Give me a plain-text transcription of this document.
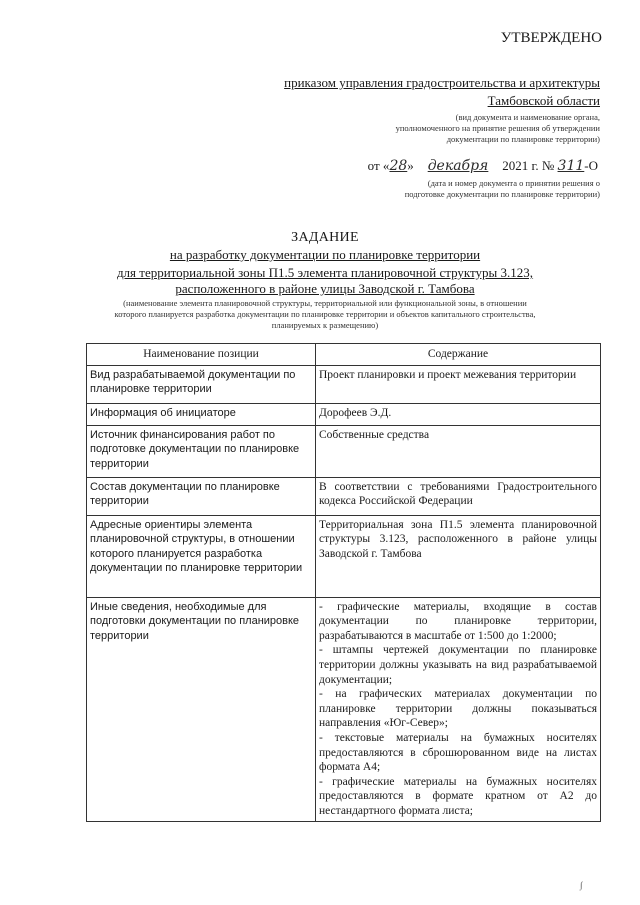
УТВЕРЖДЕНО
приказом управления градостроительства и архитектуры
Тамбовской области
(вид документа и наименование органа,
уполномоченного на принятие решения об утверждении
документации по планировке территории)
от «28» декабря 2021 г. № 311-О
(дата и номер документа о принятии решения о
подготовке документации по планировке территории)
ЗАДАНИЕ
на разработку документации по планировке территории
для территориальной зоны П1.5 элемента планировочной структуры 3.123,
расположенного в районе улицы Заводской г. Тамбова
(наименование элемента планировочной структуры, территориальной или функциональной зоны, в отношении
которого планируется разработка документации по планировке территории и объектов капитального строительства,
планируемых к размещению)
Наименование позиции	Содержание
Вид разрабатываемой документации по планировке территории	Проект планировки и проект межевания территории
Информация об инициаторе	Дорофеев Э.Д.
Источник финансирования работ по подготовке документации по планировке территории	Собственные средства
Состав документации по планировке территории	В соответствии с требованиями Градостроительного кодекса Российской Федерации
Адресные ориентиры элемента планировочной структуры, в отношении которого планируется разработка документации по планировке территории	Территориальная зона П1.5 элемента планировочной структуры 3.123, расположенного в районе улицы Заводской г. Тамбова
Иные сведения, необходимые для подготовки документации по планировке территории	- графические материалы, входящие в состав документации по планировке территории, разрабатываются в масштабе от 1:500 до 1:2000;
- штампы чертежей документации по планировке территории должны указывать на вид разрабатываемой документации;
- на графических материалах документации по планировке территории должны показываться направления «Юг-Север»;
- текстовые материалы на бумажных носителях предоставляются в сброшюрованном виде на листах формата А4;
- графические материалы на бумажных носителях предоставляются в формате кратном от А2 до нестандартного формата листа;
∫
